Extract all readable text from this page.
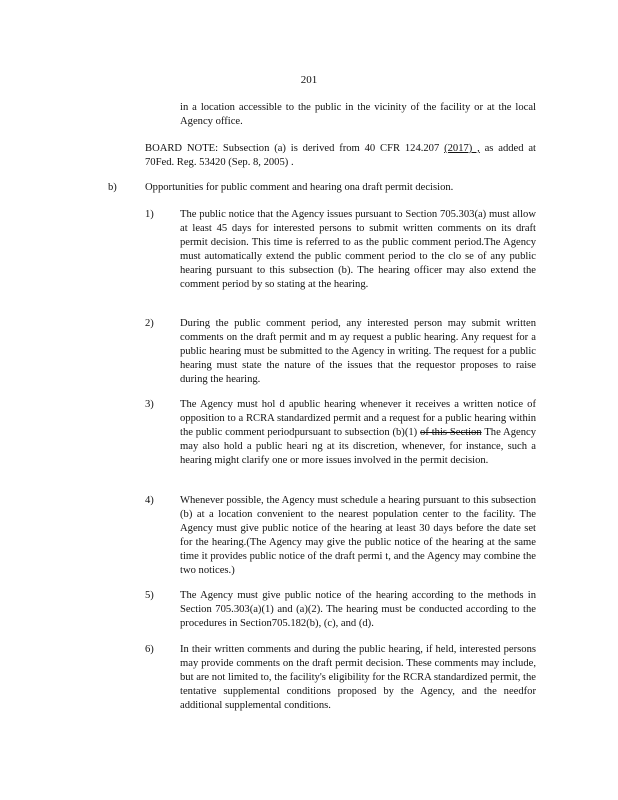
201
in a location accessible to the public in the vicinity of the facility or at the local Agency office.
BOARD NOTE: Subsection (a) is derived from 40 CFR 124.207 (2017) , as added at 70Fed. Reg. 53420 (Sep. 8, 2005) .
b)	Opportunities for public comment and hearing ona draft permit decision.
1) The public notice that the Agency issues pursuant to Section 705.303(a) must allow at least 45 days for interested persons to submit written comments on its draft permit decision. This time is referred to as the public comment period.The Agency must automatically extend the public comment period to the clo se of any public hearing pursuant to this subsection (b). The hearing officer may also extend the comment period by so stating at the hearing.
2) During the public comment period, any interested person may submit written comments on the draft permit and m ay request a public hearing. Any request for a public hearing must be submitted to the Agency in writing. The request for a public hearing must state the nature of the issues that the requestor proposes to raise during the hearing.
3) The Agency must hol d apublic hearing whenever it receives a written notice of opposition to a RCRA standardized permit and a request for a public hearing within the public comment periodpursuant to subsection (b)(1) of this Section The Agency may also hold a public heari ng at its discretion, whenever, for instance, such a hearing might clarify one or more issues involved in the permit decision.
4) Whenever possible, the Agency must schedule a hearing pursuant to this subsection (b) at a location convenient to the nearest population center to the facility. The Agency must give public notice of the hearing at least 30 days before the date set for the hearing.(The Agency may give the public notice of the hearing at the same time it provides public notice of the draft permi t, and the Agency may combine the two notices.)
5) The Agency must give public notice of the hearing according to the methods in Section 705.303(a)(1) and (a)(2). The hearing must be conducted according to the procedures in Section705.182(b), (c), and (d).
6) In their written comments and during the public hearing, if held, interested persons may provide comments on the draft permit decision. These comments may include, but are not limited to, the facility's eligibility for the RCRA standardized permit, the tentative supplemental conditions proposed by the Agency, and the needfor additional supplemental conditions.
